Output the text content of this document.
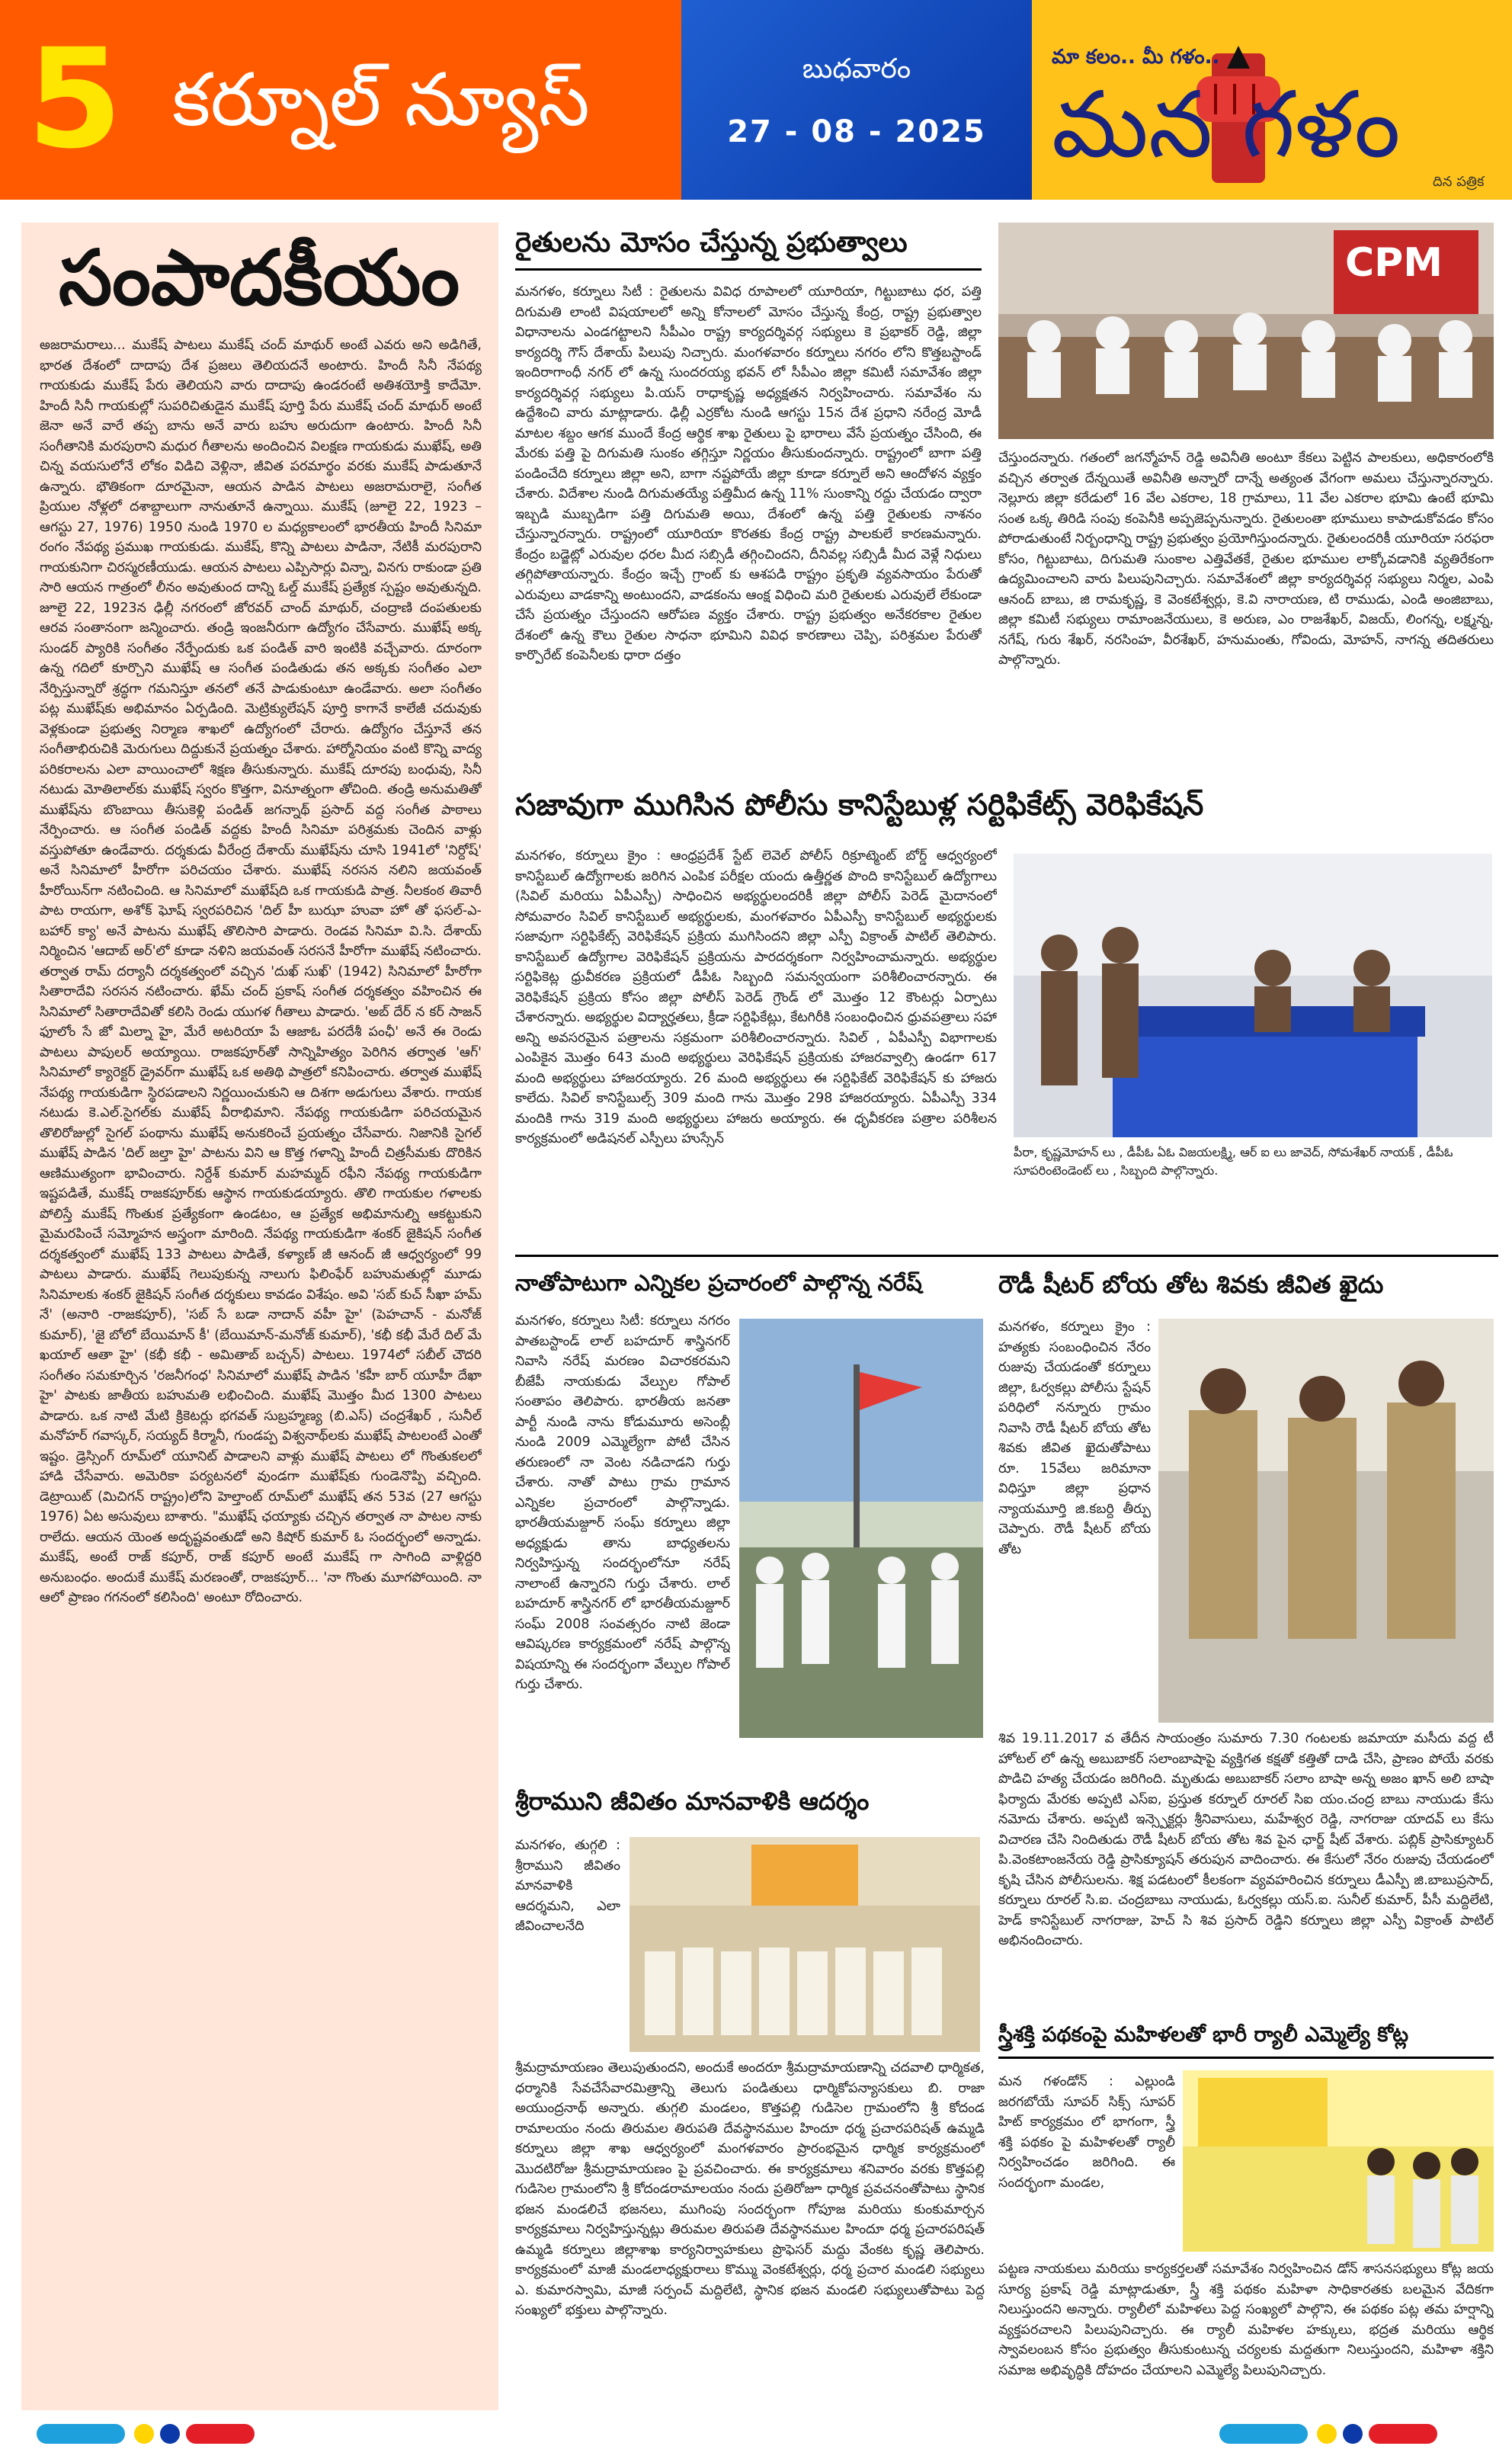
5 కర్నూల్ న్యూస్	బుధవారం
27 - 08 - 2025
మా కలం.. మీ గళం..
మన గళం
దిన పత్రిక
సంపాదకీయం
అజరామరాలు... ముకేష్ పాటలు ముకేష్ చంద్ మాథుర్ అంటే ఎవరు అని అడిగితే, భారత దేశంలో దాదాపు దేశ ప్రజలు తెలియదనే అంటారు. హిందీ సినీ నేపథ్య గాయకుడు ముకేష్ పేరు తెలియని వారు దాదాపు ఉండరంటే అతిశయోక్తి కాదేమో. హిందీ సినీ గాయకుల్లో సుపరిచితుడైన ముకేష్ పూర్తి పేరు ముకేష్ చంద్ మాథుర్ అంటే జెనా అనే వారే తప్ప బాను అనే వారు బహు అరుదుగా ఉంటారు. హిందీ సినీ సంగీతానికి మరపురాని మధుర గీతాలను అందించిన విలక్షణ గాయకుడు ముఖేష్, అతి చిన్న వయసులోనే లోకం విడిచి వెళ్లినా, జీవిత పరమార్థం వరకు ముకేష్ పాడుతూనే ఉన్నారు. భౌతికంగా దూరమైనా, ఆయన పాడిన పాటలు అజరామరాలై, సంగీత ప్రియుల నోళ్లలో దశాబ్దాలుగా నానుతూనే ఉన్నాయి. ముకేష్ (జూలై 22, 1923 – ఆగస్టు 27, 1976) 1950 నుండి 1970 ల మధ్యకాలంలో భారతీయ హిందీ సినిమా రంగం నేపథ్య ప్రముఖ గాయకుడు. ముకేష్, కొన్ని పాటలు పాడినా, నేటికీ మరపురాని గాయకునిగా చిరస్మరణీయుడు. ఆయన పాటలు ఎప్పిసార్లు విన్నా, వినగు రాకుండా ప్రతి సారి ఆయన గాత్రంలో లీనం అవుతుంద దాన్ని ఓల్డ్ ముకేష్ ప్రత్యేక స్పష్టం అవుతున్నది. జూలై 22, 1923న ఢిల్లీ నగరంలో జోరవర్ చాంద్ మాథుర్, చంద్రాణి దంపతులకు ఆరవ సంతానంగా జన్మించారు. తండ్రి ఇంజనీరుగా ఉద్యోగం చేసేవారు. ముఖేష్ అక్క సుండర్ ప్యారికి సంగీతం నేర్పేందుకు ఒక పండిత్ వారి ఇంటికి వచ్చేవారు. దూరంగా ఉన్న గదిలో కూర్చొని ముఖేష్ ఆ సంగీత పండితుడు తన అక్కకు సంగీతం ఎలా నేర్పిస్తున్నారో శ్రద్ధగా గమనిస్తూ తనలో తనే పాడుకుంటూ ఉండేవారు. అలా సంగీతం పట్ల ముఖేష్‌కు అభిమానం ఏర్పడింది. మెట్రిక్యులేషన్ పూర్తి కాగానే కాలేజీ చదువుకు వెళ్లకుండా ప్రభుత్వ నిర్మాణ శాఖలో ఉద్యోగంలో చేరారు. ఉద్యోగం చేస్తూనే తన సంగీతాభిరుచికి మెరుగులు దిద్దుకునే ప్రయత్నం చేశారు. హార్మోనియం వంటి కొన్ని వాద్య పరికరాలను ఎలా వాయించాలో శిక్షణ తీసుకున్నారు. ముకేష్ దూరపు బంధువు, సినీ నటుడు మోతిలాల్‌కు ముఖేష్ స్వరం కొత్తగా, వినూత్నంగా తోచింది. తండ్రి అనుమతితో ముఖేష్‌ను బొంబాయి తీసుకెళ్లి పండిత్ జగన్నాథ్ ప్రసాద్ వద్ద సంగీత పాఠాలు నేర్పించారు. ఆ సంగీత పండిత్ వద్దకు హిందీ సినిమా పరిశ్రమకు చెందిన వాళ్లు వస్తుపోతూ ఉండేవారు. దర్శకుడు వీరేంద్ర దేశాయ్ ముఖేష్‌ను చూసి 1941లో 'నిర్దోష్' అనే సినిమాలో హీరోగా పరిచయం చేశారు. ముఖేష్ నరసన నలిని జయవంత్ హీరోయిన్‌గా నటించింది. ఆ సినిమాలో ముఖేష్‌ది ఒక గాయకుడి పాత్ర. నీలకంఠ తివారీ పాట రాయగా, అశోక్ ఘోష్ స్వరపరిచిన 'దిల్ హీ బుఝా హువా హో తో ఫసల్-ఎ-బహార్ క్యా' అనే పాటను ముఖేష్ తొలిసారి పాడారు. రెండవ సినిమా వి.సి. దేశాయ్ నిర్మించిన 'ఆదాబ్ అర్'లో కూడా నళిని జయవంత్ సరసనే హీరోగా ముఖేష్ నటించారు. తర్వాత రామ్ దర్యానీ దర్శకత్వంలో వచ్చిన 'దుఖ్ సుఖ్' (1942) సినిమాలో హీరోగా సితారాదేవి సరసన నటించారు. ఖేమ్ చంద్ ప్రకాష్ సంగీత దర్శకత్వం వహించిన ఈ సినిమాలో సితారాదేవితో కలిసి రెండు యుగళ గీతాలు పాడారు. 'అబ్ దేర్ న కర్ సాజన్ ఫూలోం సే జో మిల్నా హై, మేరే అటరియా పే ఆజాఓ పరదేశీ పంఛీ' అనే ఈ రెండు పాటలు పాపులర్ అయ్యాయి. రాజకపూర్‌తో సాన్నిహిత్యం పెరిగిన తర్వాత 'ఆగ్' సినిమాలో క్యారెక్టర్ డ్రైవర్‌గా ముఖేష్ ఒక అతిథి పాత్రలో కనిపించారు. తర్వాత ముఖేష్ నేపథ్య గాయకుడిగా స్థిరపడాలని నిర్ణయించుకుని ఆ దిశగా అడుగులు వేశారు. గాయక నటుడు కె.ఎల్.సైగల్‌కు ముఖేష్ వీరాభిమాని. నేపథ్య గాయకుడిగా పరిచయమైన తొలిరోజుల్లో సైగల్ పంథాను ముఖేష్ అనుకరించే ప్రయత్నం చేసేవారు. నిజానికి సైగల్ ముఖేష్ పాడిన 'దిల్ జల్తా హై' పాటను విని ఆ కొత్త గళాన్ని హిందీ చిత్రసీమకు దొరికిన ఆణిముత్యంగా భావించారు. నిర్దేశ్ కుమార్ మహమ్మద్ రఫీని నేపథ్య గాయకుడిగా ఇష్టపడితే, ముకేష్ రాజకపూర్‌కు ఆస్థాన గాయకుడయ్యారు. తొలి గాయకుల గళాలకు పోలిస్తే ముకేష్ గొంతుక ప్రత్యేకంగా ఉండటం, ఆ ప్రత్యేక అభిమానుల్ని ఆకట్టుకుని మైమరపించే సమ్మోహన అస్త్రంగా మారింది. నేపథ్య గాయకుడిగా శంకర్ జైకిషన్ సంగీత దర్శకత్వంలో ముఖేష్ 133 పాటలు పాడితే, కళ్యాణ్ జీ ఆనంద్ జీ ఆధ్వర్యంలో 99 పాటలు పాడారు. ముఖేష్ గెలుపుకున్న నాలుగు ఫిలింఫేర్ బహుమతుల్లో మూడు సినిమాలకు శంకర్ జైకిషన్ సంగీత దర్శకులు కావడం విశేషం. అవి 'సబ్ కుచ్ సీఖా హమ్ నే' (అనారి -రాజకపూర్), 'సబ్ సే బడా నాదాన్ వహీ హై' (పెహచాన్ - మనోజ్ కుమార్), 'జై బోలో బేయిమాన్ కీ' (బేయిమాన్-మనోజ్ కుమార్), 'కభీ కభీ మేరే దిల్ మే ఖయాల్ ఆతా హై' (కభీ కభీ - అమితాబ్ బచ్చన్) పాటలు. 1974లో సబీల్ చౌదరి సంగీతం సమకూర్చిన 'రజనీగంధ' సినిమాలో ముఖేష్ పాడిన 'కహీ బార్ యూహీ దేఖా హై' పాటకు జాతీయ బహుమతి లభించింది. ముఖేష్ మొత్తం మీద 1300 పాటలు పాడారు. ఒక నాటి మేటి క్రికెటర్లు భగవత్ సుబ్రహ్మణ్య (బి.ఎస్) చంద్రశేఖర్ , సునీల్ మనోహర్ గవాస్కర్, సయ్యద్ కిర్మానీ, గుండప్ప విశ్వనాథ్‌లకు ముఖేష్ పాటలంటే ఎంతో ఇష్టం. డ్రెస్సింగ్ రూమ్‌లో యూనిట్ పాడాలని వాళ్లు ముఖేష్ పాటలు లో గొంతుకలలో హాడి చేసేవారు. అమెరికా పర్యటనలో వుండగా ముఖేష్‌కు గుండెనొప్పి వచ్చింది. డెట్రాయిట్ (మిచిగన్ రాష్ట్రం)లోని హెల్తాంట్ రూమ్‌లో ముఖేష్ తన 53వ (27 ఆగస్టు 1976) ఏట అసువులు బాశారు. "ముఖేష్ ఛయ్యాకు చచ్చిన తర్వాత నా పాటల నాకు రాలేదు. ఆయన యెంత అదృష్టవంతుడో అని కిషోర్ కుమార్ ఓ సందర్భంలో అన్నాడు. ముకేష్, అంటే రాజ్ కపూర్, రాజ్ కపూర్ అంటే ముకేష్ గా సాగింది వాళ్లిద్దరి అనుబంధం. అందుకే ముకేష్ మరణంతో, రాజకపూర్... 'నా గొంతు మూగపోయింది. నా ఆలో ప్రాణం గగనంలో కలిసింది' అంటూ రోదించారు.
రైతులను మోసం చేస్తున్న ప్రభుత్వాలు
మనగళం, కర్నూలు సిటీ : రైతులను వివిధ రూపాలలో యూరియా, గిట్టుబాటు ధర, పత్తి దిగుమతి లాంటి విషయాలలో అన్ని కోనాలలో మోసం చేస్తున్న కేంద్ర, రాష్ట్ర ప్రభుత్వాల విధానాలను ఎండగట్టాలని సీపీఎం రాష్ట్ర కార్యదర్శివర్గ సభ్యులు కె ప్రభాకర్ రెడ్డి, జిల్లా కార్యదర్శి గౌస్ దేశాయ్ పిలుపు నిచ్చారు. మంగళవారం కర్నూలు నగరం లోని కొత్తబస్టాండ్ ఇందిరాగాంధీ నగర్ లో ఉన్న సుందరయ్య భవన్ లో సీపీఎం జిల్లా కమిటీ సమావేశం జిల్లా కార్యదర్శివర్గ సభ్యులు పి.యస్ రాధాకృష్ణ అధ్యక్షతన నిర్వహించారు. సమావేశం ను ఉద్దేశించి వారు మాట్లాడారు. ఢిల్లీ ఎర్రకోట నుండి ఆగస్టు 15న దేశ ప్రధాని నరేంద్ర మోడీ మాటల శబ్దం ఆగక ముందే కేంద్ర ఆర్థిక శాఖ రైతులు పై భారాలు వేసే ప్రయత్నం చేసింది, ఈ మేరకు పత్తి పై దిగుమతి సుంకం తగ్గిస్తూ నిర్ణయం తీసుకుందన్నారు. రాష్ట్రంలో బాగా పత్తి పండించేది కర్నూలు జిల్లా అని, బాగా నష్టపోయే జిల్లా కూడా కర్నూలే అని ఆందోళన వ్యక్తం చేశారు. విదేశాల నుండి దిగుమతయ్యే పత్తిమీద ఉన్న 11% సుంకాన్ని రద్దు చేయడం ద్వారా ఇబ్బడి ముబ్బడిగా పత్తి దిగుమతి అయి, దేశంలో ఉన్న పత్తి రైతులకు నాశనం చేస్తున్నారన్నారు. రాష్ట్రంలో యూరియా కొరతకు కేంద్ర రాష్ట్ర పాలకులే కారణమన్నారు. కేంద్రం బడ్జెట్లో ఎరువుల ధరల మీద సబ్సిడీ తగ్గించిందని, దీనివల్ల సబ్సిడీ మీద వెళ్లే నిధులు తగ్గిపోతాయన్నారు. కేంద్రం ఇచ్చే గ్రాంట్ కు ఆశపడి రాష్ట్రం ప్రకృతి వ్యవసాయం పేరుతో ఎరువులు వాడకాన్ని అంటుందని, వాడకంను ఆంక్ష విధించి మరి రైతులకు ఎరువులే లేకుండా చేసే ప్రయత్నం చేస్తుందని ఆరోపణ వ్యక్తం చేశారు. రాష్ట్ర ప్రభుత్వం అనేకరకాల రైతుల దేశంలో ఉన్న కౌలు రైతుల సాధనా భూమిని వివిధ కారణాలు చెప్పి, పరిశ్రమల పేరుతో కార్పొరేట్ కంపెనీలకు ధారా దత్తం
CPM
చేస్తుందన్నారు. గతంలో జగన్మోహన్ రెడ్డి అవినీతి అంటూ కేకలు పెట్టిన పాలకులు, అధికారంలోకి వచ్చిన తర్వాత దేన్నయితే అవినీతి అన్నారో దాన్నే అత్యంత వేగంగా అమలు చేస్తున్నారన్నారు. నెల్లూరు జిల్లా కరేడులో 16 వేల ఎకరాల, 18 గ్రామాలు, 11 వేల ఎకరాల భూమి ఉంటే భూమి సంత ఒక్క తిరిడి సంపు కంపెనీకి అప్పజెప్పనున్నారు. రైతులంతా భూములు కాపాడుకోవడం కోసం పోరాడుతుంటే నిర్బంధాన్ని రాష్ట్ర ప్రభుత్వం ప్రయోగిస్తుందన్నారు. రైతులందరికీ యూరియా సరఫరా కోసం, గిట్టుబాటు, దిగుమతి సుంకాల ఎత్తివేతకే, రైతుల భూముల లాక్కోవడానికి వ్యతిరేకంగా ఉద్యమించాలని వారు పిలుపునిచ్చారు. సమావేశంలో జిల్లా కార్యదర్శివర్గ సభ్యులు నిర్మల, ఎంపి ఆనంద్ బాబు, జి రామకృష్ణ, కె వెంకటేశ్వర్లు, కె.వి నారాయణ, టి రాముడు, ఎండి అంజిబాబు, జిల్లా కమిటీ సభ్యులు రామాంజనేయులు, కె అరుణ, ఎం రాజశేఖర్, విజయ్, లింగన్న, లక్ష్మన్న, నగేష్, గురు శేఖర్, నరసింహ, వీరశేఖర్, హనుమంతు, గోవిందు, మోహన్, నాగన్న తదితరులు పాల్గొన్నారు.
సజావుగా ముగిసిన పోలీసు కానిస్టేబుళ్ల సర్టిఫికేట్స్ వెరిఫికేషన్
మనగళం, కర్నూలు క్రైం : ఆంధ్రప్రదేశ్ స్టేట్ లెవెల్ పోలీస్ రిక్రూట్మెంట్ బోర్డ్ ఆధ్వర్యంలో కానిస్టేబుల్ ఉద్యోగాలకు జరిగిన ఎంపిక పరీక్షల యందు ఉత్తీర్ణత పొంది కానిస్టేబుల్ ఉద్యోగాలు (సివిల్ మరియు ఏపీఎస్పీ) సాధించిన అభ్యర్థులందరికీ జిల్లా పోలీస్ పెరెడ్ మైదానంలో సోమవారం సివిల్ కానిస్టేబుల్ అభ్యర్థులకు, మంగళవారం ఏపీఎస్పీ కానిస్టేబుల్ అభ్యర్థులకు సజావుగా సర్టిఫికేట్స్ వెరిఫికేషన్ ప్రక్రియ ముగిసిందని జిల్లా ఎస్పీ విక్రాంత్ పాటిల్ తెలిపారు. కానిస్టేబుల్ ఉద్యోగాల వెరిఫికేషన్ ప్రక్రియను పారదర్శకంగా నిర్వహించామన్నారు. అభ్యర్థుల సర్టిఫికెట్ల ధ్రువీకరణ ప్రక్రియలో డీపీఓ సిబ్బంది సమన్వయంగా పరిశీలించారన్నారు. ఈ వెరిఫికేషన్ ప్రక్రియ కోసం జిల్లా పోలీస్ పెరెడ్ గ్రౌండ్ లో మొత్తం 12 కౌంటర్లు ఏర్పాటు చేశారన్నారు. అభ్యర్థుల విద్యార్హతలు, క్రీడా సర్టిఫికేట్లు, కేటగిరీకి సంబంధించిన ధ్రువపత్రాలు సహా అన్ని అవసరమైన పత్రాలను సక్రమంగా పరిశీలించారన్నారు. సివిల్ , ఏపీఎస్పీ విభాగాలకు ఎంపికైన మొత్తం 643 మంది అభ్యర్థులు వెరిఫికేషన్ ప్రక్రియకు హాజరవ్వాల్సి ఉండగా 617 మంది అభ్యర్థులు హాజరయ్యారు. 26 మంది అభ్యర్థులు ఈ సర్టిఫికేట్ వెరిఫికేషన్ కు హాజరు కాలేదు. సివిల్ కానిస్టేబుల్స్ 309 మంది గాను మొత్తం 298 హాజరయ్యారు. ఏపీఎస్పీ 334 మందికి గాను 319 మంది అభ్యర్థులు హాజరు అయ్యారు. ఈ ధృవీకరణ పత్రాల పరిశీలన కార్యక్రమంలో అడిషనల్ ఎస్పీలు హుస్సేన్
పీరా, కృష్ణమోహన్ లు , డీపీఓ ఏఓ విజయలక్ష్మి, ఆర్ ఐ లు జావెద్, సోమశేఖర్ నాయక్ , డీపీఓ సూపరింటెండెంట్ లు , సిబ్బంది పాల్గొన్నారు.
నాతోపాటుగా ఎన్నికల ప్రచారంలో పాల్గొన్న నరేష్
మనగళం, కర్నూలు సిటీ: కర్నూలు నగరం పాతబస్టాండ్ లాల్ బహదూర్ శాస్త్రినగర్ నివాసి నరేష్ మరణం విచారకరమని బీజేపీ నాయకుడు వేల్పుల గోపాల్ సంతాపం తెలిపారు. భారతీయ జనతా పార్టీ నుండి నాను కోడుమూరు అసెంబ్లీ నుండి 2009 ఎమ్మెల్యేగా పోటీ చేసిన తరుణంలో నా వెంట నడిచాడని గుర్తు చేశారు. నాతో పాటు గ్రామ గ్రామాన ఎన్నికల ప్రచారంలో పాల్గొన్నాడు. భారతీయమజ్దూర్ సంఘ్ కర్నూలు జిల్లా అధ్యక్షుడు తాను బాధ్యతలను నిర్వహిస్తున్న సందర్భంలోనూ నరేష్ నాలాంటే ఉన్నారని గుర్తు చేశారు. లాల్ బహదూర్ శాస్త్రినగర్ లో భారతీయమజ్దూర్ సంఘ్ 2008 సంవత్సరం నాటి జెండా ఆవిష్కరణ కార్యక్రమంలో నరేష్ పాల్గొన్న విషయాన్ని ఈ సందర్భంగా వేల్పుల గోపాల్ గుర్తు చేశారు.
రౌడీ షీటర్ బోయ తోట శివకు జీవిత ఖైదు
మనగళం, కర్నూలు క్రైం : హత్యకు సంబంధించిన నేరం రుజువు చేయడంతో కర్నూలు జిల్లా, ఓర్వకల్లు పోలీసు స్టేషన్ పరిధిలో నన్నూరు గ్రామం నివాసి రౌడీ షీటర్ బోయ తోట శివకు జీవిత ఖైదుతోపాటు రూ. 15వేలు జరిమానా విధిస్తూ జిల్లా ప్రధాన న్యాయమూర్తి జి.కబర్ది తీర్పు చెప్పారు. రౌడీ షీటర్ బోయ తోట
శివ 19.11.2017 వ తేదీన సాయంత్రం సుమారు 7.30 గంటలకు జమాయా మసీదు వద్ద టీ హోటల్ లో ఉన్న అబుబాకర్ సలాంబాషాపై వ్యక్తిగత కక్షతో కత్తితో దాడి చేసి, ప్రాణం పోయే వరకు పొడిచి హత్య చేయడం జరిగింది. మృతుడు అబుబాకర్ సలాం బాషా అన్న అజం ఖాన్ అలి బాషా ఫిర్యాదు మేరకు అప్పటి ఎస్ఐ, ప్రస్తుత కర్నూల్ రూరల్ సిఐ యం.చంద్ర బాబు నాయుడు కేసు నమోదు చేశారు. అప్పటి ఇన్స్పెక్టర్లు శ్రీనివాసులు, మహేశ్వర రెడ్డి, నాగరాజు యాదవ్ లు కేసు విచారణ చేసి నిందితుడు రౌడీ షీటర్ బోయ తోట శివ పైన ఛార్జ్ షీట్ వేశారు. పబ్లిక్ ప్రాసిక్యూటర్ పి.వెంకటాంజనేయ రెడ్డి ప్రాసిక్యూషన్ తరుపున వాదించారు. ఈ కేసులో నేరం రుజువు చేయడంలో కృషి చేసిన పోలీసులను. శిక్ష పడటంలో కీలకంగా వ్యవహరించిన కర్నూలు డీఎస్పీ జి.బాబుప్రసాద్, కర్నూలు రూరల్ సి.ఐ. చంద్రబాబు నాయుడు, ఓర్వకల్లు యస్.ఐ. సునీల్ కుమార్, పీసీ మద్దిలేటి, హెడ్ కానిస్టేబుల్ నాగరాజు, హెచ్ సి శివ ప్రసాద్ రెడ్డిని కర్నూలు జిల్లా ఎస్పీ విక్రాంత్ పాటిల్ అభినందించారు.
శ్రీరాముని జీవితం మానవాళికి ఆదర్శం
మనగళం, తుగ్గలి : శ్రీరాముని జీవితం మానవాళికి ఆదర్శమని, ఎలా జీవించాలనేది
శ్రీమద్రామాయణం తెలుపుతుందని, అందుకే అందరూ శ్రీమద్రామాయణాన్ని చదవాలి ధార్మికత, ధర్మానికి సేవచేసేవారమిత్రాన్ని తెలుగు పండితులు ధార్మికోపన్యాసకులు బి. రాజా అయుంద్రనాథ్ అన్నారు. తుగ్గలి మండలం, కొత్తపల్లి గుడిసెల గ్రామంలోని శ్రీ కోదండ రామాలయం నందు తిరుమల తిరుపతి దేవస్థానముల హిందూ ధర్మ ప్రచారపరిషత్ ఉమ్మడి కర్నూలు జిల్లా శాఖ ఆధ్వర్యంలో మంగళవారం ప్రారంభమైన ధార్మిక కార్యక్రమంలో మొదటిరోజు శ్రీమద్రామాయణం పై ప్రవచించారు. ఈ కార్యక్రమాలు శనివారం వరకు కొత్తపల్లి గుడిసెల గ్రామంలోని శ్రీ కోదండరామాలయం నందు ప్రతిరోజూ ధార్మిక ప్రవచనంతోపాటు స్థానిక భజన మండలిచే భజనలు, ముగింపు సందర్భంగా గోపూజ మరియు కుంకుమార్చన కార్యక్రమాలు నిర్వహిస్తున్నట్లు తిరుమల తిరుపతి దేవస్థానముల హిందూ ధర్మ ప్రచారపరిషత్ ఉమ్మడి కర్నూలు జిల్లాశాఖ కార్యనిర్వాహకులు ప్రొఫెసర్ మద్దు వేంకట కృష్ణ తెలిపారు. కార్యక్రమంలో మాజీ మండలాధ్యక్షురాలు కొమ్ము వెంకటేశ్వర్లు, ధర్మ ప్రచార మండలి సభ్యులు ఎ. కుమారస్వామి, మాజీ సర్పంచ్ మద్దిలేటి, స్థానిక భజన మండలి సభ్యులుతోపాటు పెద్ద సంఖ్యలో భక్తులు పాల్గొన్నారు.
స్త్రీశక్తి పథకంపై మహిళలతో భారీ ర్యాలీ ఎమ్మెల్యే కోట్ల
మన గళండోన్ : ఎల్లుండి జరగబోయే సూపర్ సిక్స్ సూపర్ హిట్ కార్యక్రమం లో భాగంగా, స్త్రీ శక్తి పథకం పై మహిళలతో ర్యాలీ నిర్వహించడం జరిగింది. ఈ సందర్భంగా మండల,
పట్టణ నాయకులు మరియు కార్యకర్తలతో సమావేశం నిర్వహించిన డోన్ శాసనసభ్యులు కోట్ల జయ సూర్య ప్రకాష్ రెడ్డి మాట్లాడుతూ, స్త్రీ శక్తి పథకం మహిళా సాధికారతకు బలమైన వేదికగా నిలుస్తుందని అన్నారు. ర్యాలీలో మహిళలు పెద్ద సంఖ్యలో పాల్గొని, ఈ పథకం పట్ల తమ హర్షాన్ని వ్యక్తపరచాలని పిలుపునిచ్చారు. ఈ ర్యాలీ మహిళల హక్కులు, భద్రత మరియు ఆర్థిక స్వావలంబన కోసం ప్రభుత్వం తీసుకుంటున్న చర్యలకు మద్దతుగా నిలుస్తుందని, మహిళా శక్తిని సమాజ అభివృద్ధికి దోహదం చేయాలని ఎమ్మెల్యే పిలుపునిచ్చారు.
